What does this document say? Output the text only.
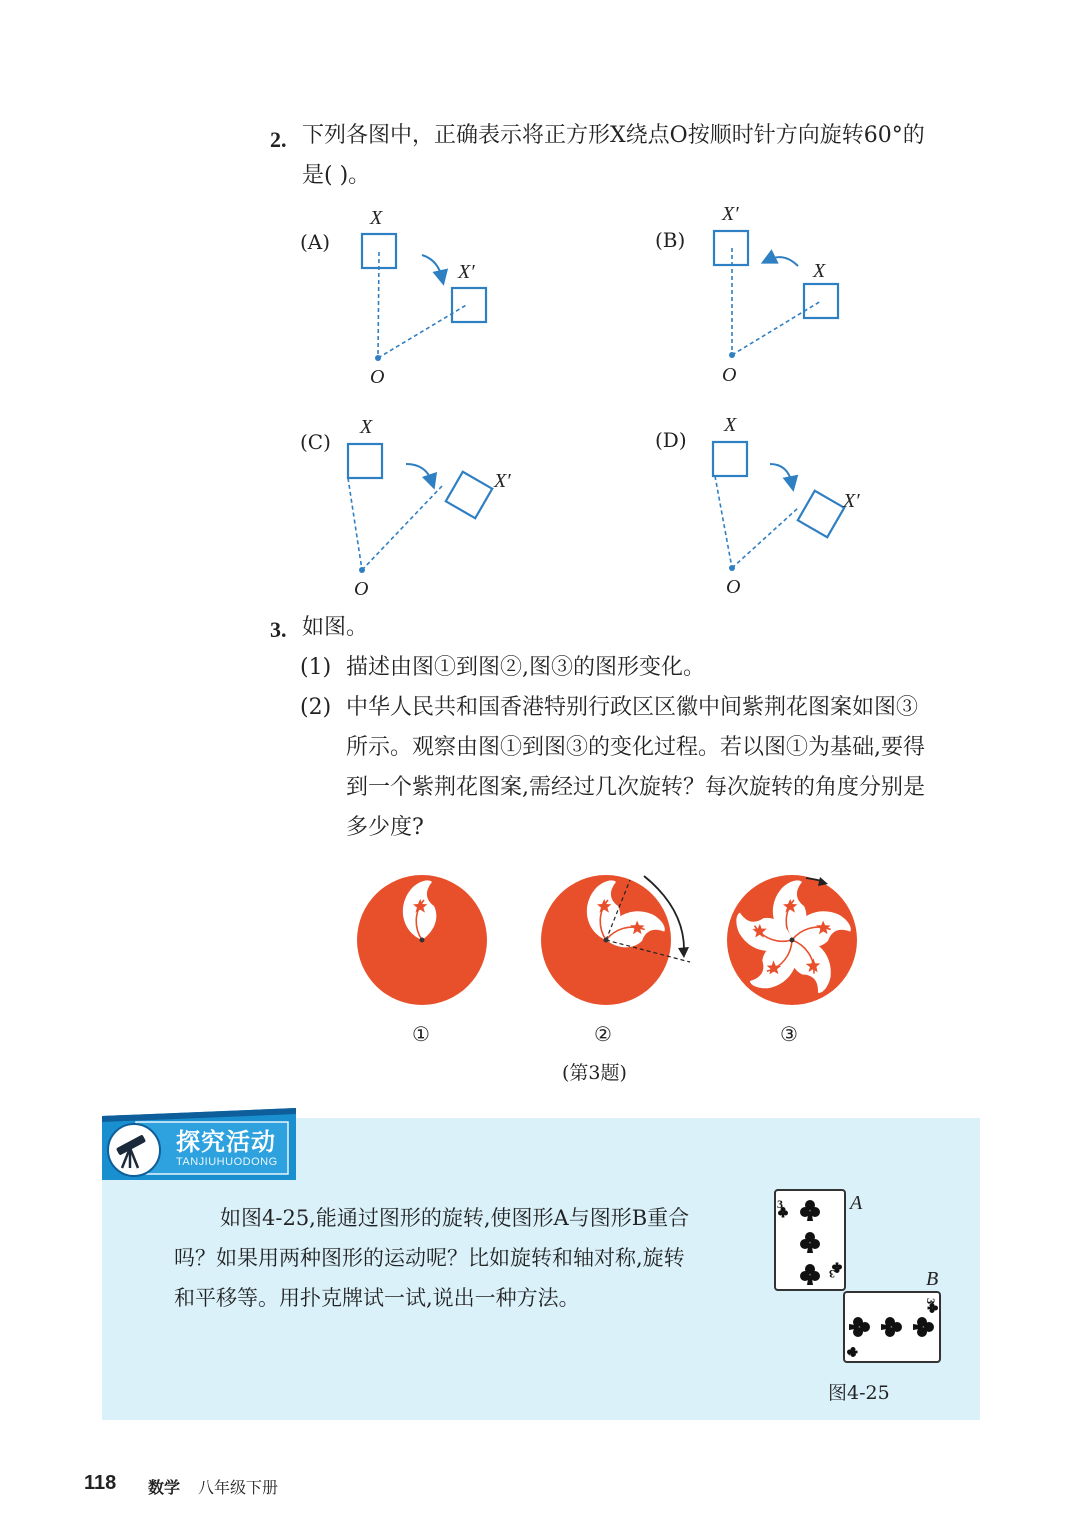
2. 下列各图中，正确表示将正方形X绕点O按顺时针方向旋转60°的
是( )。
(A)	(B)
(C)	(D)
X
X′
O
X′
X
O
X
X′
O
X
X′
O
3. 如图。
(1) 描述由图①到图②,图③的图形变化。
(2) 中华人民共和国香港特别行政区区徽中间紫荆花图案如图③
所示。观察由图①到图③的变化过程。若以图①为基础,要得
到一个紫荆花图案,需经过几次旋转？每次旋转的角度分别是
多少度?
①	②	③
(第3题)
探究活动
TANJIUHUODONG
如图4-25,能通过图形的旋转,使图形A与图形B重合
吗？如果用两种图形的运动呢？比如旋转和轴对称,旋转
和平移等。用扑克牌试一试,说出一种方法。
3
3
3
3
A
B
图4-25
118 数学 八年级下册
